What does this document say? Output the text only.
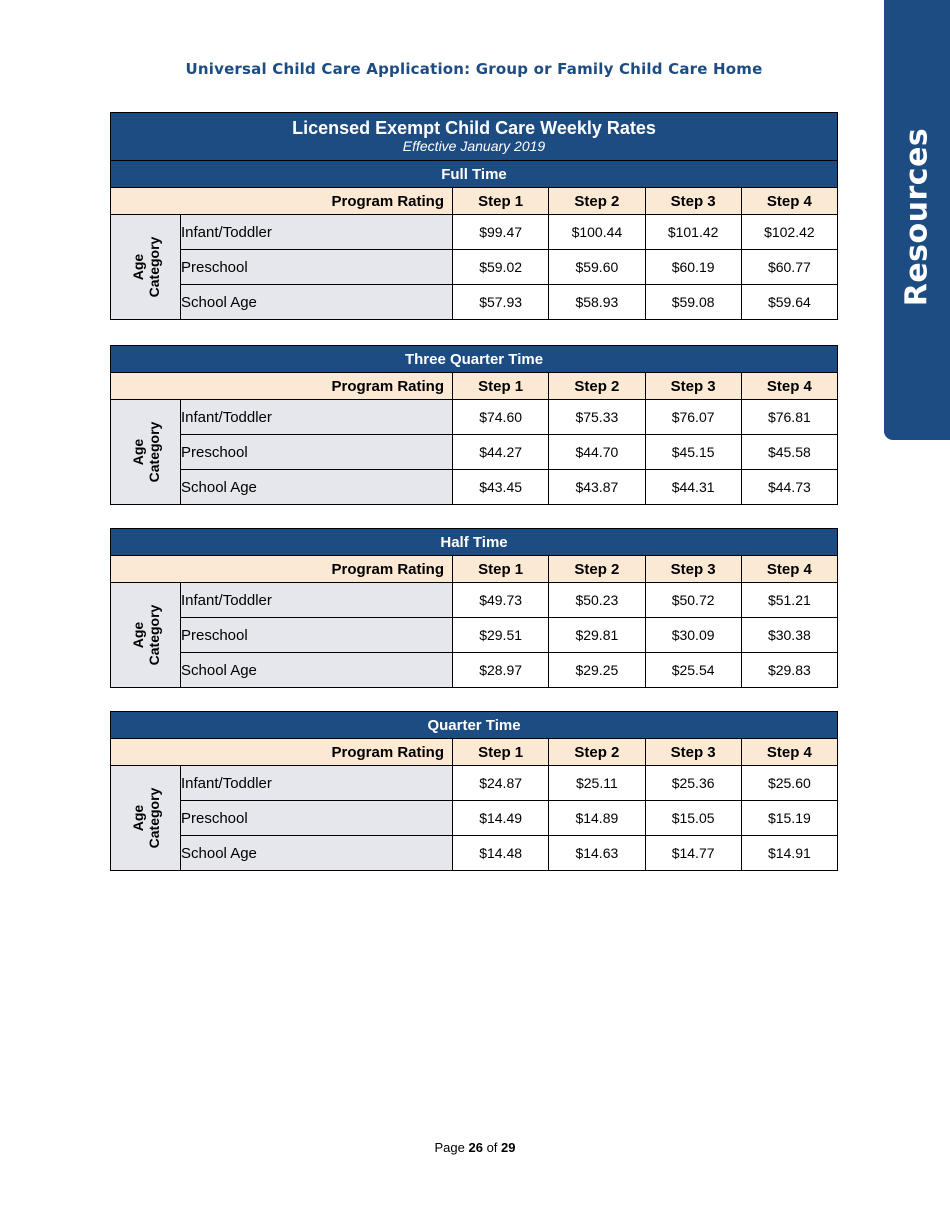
Universal Child Care Application: Group or Family Child Care Home
Resources
Licensed Exempt Child Care Weekly Rates
Effective January 2019					

Full Time					
Program Rating		Step 1	Step 2	Step 3	Step 4

Age
Category	Infant/Toddler	$99.47	$100.44	$101.42	$102.42
	Preschool	$59.02	$59.60	$60.19	$60.77
	School Age	$57.93	$58.93	$59.08	$59.64
Three Quarter Time					
Program Rating		Step 1	Step 2	Step 3	Step 4

Age
Category	Infant/Toddler	$74.60	$75.33	$76.07	$76.81
	Preschool	$44.27	$44.70	$45.15	$45.58
	School Age	$43.45	$43.87	$44.31	$44.73
Half Time					
Program Rating		Step 1	Step 2	Step 3	Step 4

Age
Category	Infant/Toddler	$49.73	$50.23	$50.72	$51.21
	Preschool	$29.51	$29.81	$30.09	$30.38
	School Age	$28.97	$29.25	$25.54	$29.83
Quarter Time					
Program Rating		Step 1	Step 2	Step 3	Step 4

Age
Category	Infant/Toddler	$24.87	$25.11	$25.36	$25.60
	Preschool	$14.49	$14.89	$15.05	$15.19
	School Age	$14.48	$14.63	$14.77	$14.91
Page 26 of 29
